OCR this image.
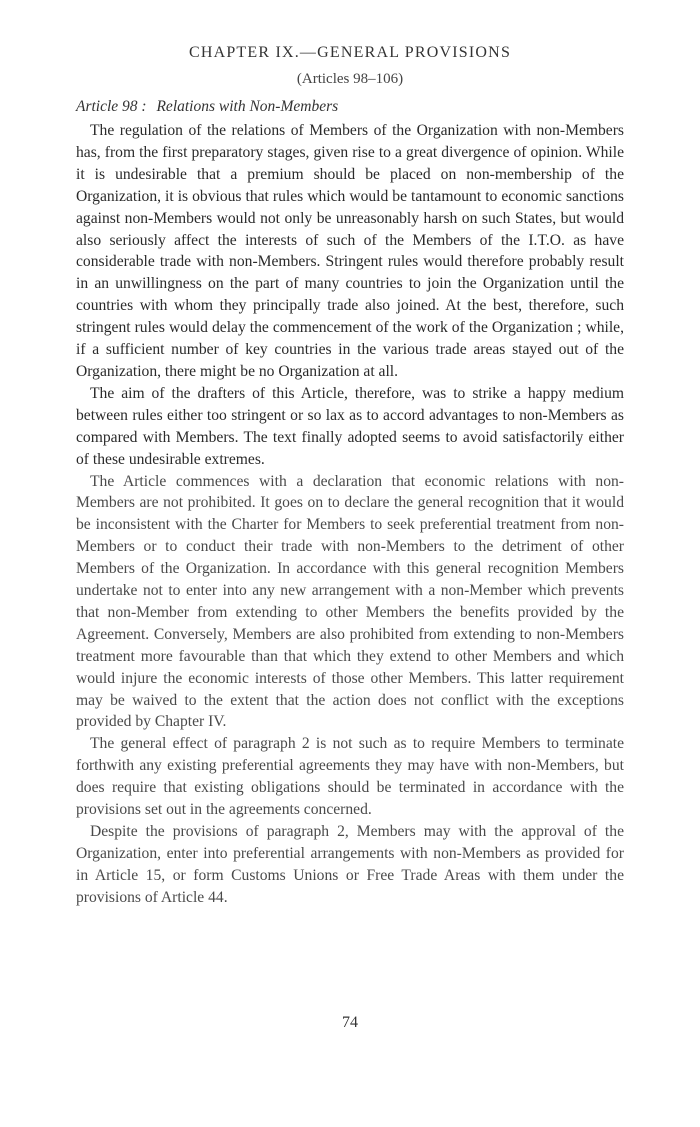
CHAPTER IX.—GENERAL PROVISIONS
(Articles 98–106)
Article 98 : Relations with Non-Members

The regulation of the relations of Members of the Organization with non-Members has, from the first preparatory stages, given rise to a great divergence of opinion. While it is undesirable that a premium should be placed on non-membership of the Organization, it is obvious that rules which would be tantamount to economic sanctions against non-Members would not only be unreasonably harsh on such States, but would also seriously affect the interests of such of the Members of the I.T.O. as have considerable trade with non-Members. Stringent rules would therefore probably result in an unwillingness on the part of many countries to join the Organization until the countries with whom they principally trade also joined. At the best, therefore, such stringent rules would delay the commencement of the work of the Organization ; while, if a sufficient number of key countries in the various trade areas stayed out of the Organization, there might be no Organization at all.

The aim of the drafters of this Article, therefore, was to strike a happy medium between rules either too stringent or so lax as to accord advantages to non-Members as compared with Members. The text finally adopted seems to avoid satisfactorily either of these undesirable extremes.

The Article commences with a declaration that economic relations with non-Members are not prohibited. It goes on to declare the general recognition that it would be inconsistent with the Charter for Members to seek preferential treatment from non-Members or to conduct their trade with non-Members to the detriment of other Members of the Organization. In accordance with this general recognition Members undertake not to enter into any new arrangement with a non-Member which prevents that non-Member from extending to other Members the benefits provided by the Agreement. Conversely, Members are also prohibited from extending to non-Members treatment more favourable than that which they extend to other Members and which would injure the economic interests of those other Members. This latter requirement may be waived to the extent that the action does not conflict with the exceptions provided by Chapter IV.

The general effect of paragraph 2 is not such as to require Members to terminate forthwith any existing preferential agreements they may have with non-Members, but does require that existing obligations should be terminated in accordance with the provisions set out in the agreements concerned.

Despite the provisions of paragraph 2, Members may with the approval of the Organization, enter into preferential arrangements with non-Members as provided for in Article 15, or form Customs Unions or Free Trade Areas with them under the provisions of Article 44.

74
